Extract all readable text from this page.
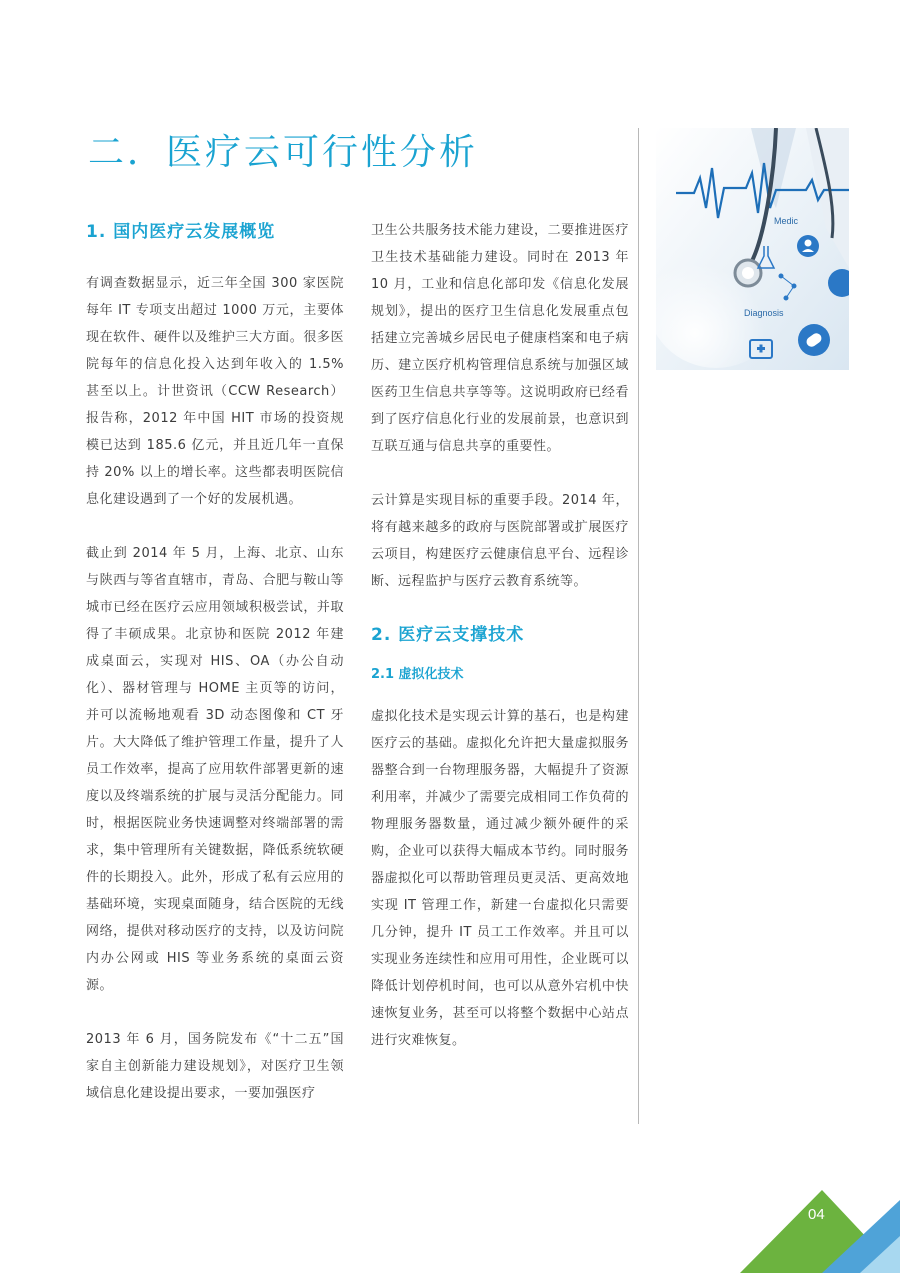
二．医疗云可行性分析
1. 国内医疗云发展概览

有调查数据显示，近三年全国 300 家医院每年 IT 专项支出超过 1000 万元，主要体现在软件、硬件以及维护三大方面。很多医院每年的信息化投入达到年收入的 1.5% 甚至以上。计世资讯（CCW Research）报告称，2012 年中国 HIT 市场的投资规模已达到 185.6 亿元，并且近几年一直保持 20% 以上的增长率。这些都表明医院信息化建设遇到了一个好的发展机遇。

截止到 2014 年 5 月，上海、北京、山东与陕西与等省直辖市，青岛、合肥与鞍山等城市已经在医疗云应用领域积极尝试，并取得了丰硕成果。北京协和医院 2012 年建成桌面云，实现对 HIS、OA（办公自动化）、器材管理与 HOME 主页等的访问，并可以流畅地观看 3D 动态图像和 CT 牙片。大大降低了维护管理工作量，提升了人员工作效率，提高了应用软件部署更新的速度以及终端系统的扩展与灵活分配能力。同时，根据医院业务快速调整对终端部署的需求，集中管理所有关键数据，降低系统软硬件的长期投入。此外，形成了私有云应用的基础环境，实现桌面随身，结合医院的无线网络，提供对移动医疗的支持，以及访问院内办公网或 HIS 等业务系统的桌面云资源。

2013 年 6 月，国务院发布《“十二五”国家自主创新能力建设规划》，对医疗卫生领域信息化建设提出要求，一要加强医疗

卫生公共服务技术能力建设，二要推进医疗卫生技术基础能力建设。同时在 2013 年 10 月，工业和信息化部印发《信息化发展规划》，提出的医疗卫生信息化发展重点包括建立完善城乡居民电子健康档案和电子病历、建立医疗机构管理信息系统与加强区域医药卫生信息共享等等。这说明政府已经看到了医疗信息化行业的发展前景，也意识到互联互通与信息共享的重要性。

云计算是实现目标的重要手段。2014 年，将有越来越多的政府与医院部署或扩展医疗云项目，构建医疗云健康信息平台、远程诊断、远程监护与医疗云教育系统等。

2. 医疗云支撑技术
2.1 虚拟化技术

虚拟化技术是实现云计算的基石，也是构建医疗云的基础。虚拟化允许把大量虚拟服务器整合到一台物理服务器，大幅提升了资源利用率，并减少了需要完成相同工作负荷的物理服务器数量，通过减少额外硬件的采购，企业可以获得大幅成本节约。同时服务器虚拟化可以帮助管理员更灵活、更高效地实现 IT 管理工作，新建一台虚拟化只需要几分钟，提升 IT 员工工作效率。并且可以实现业务连续性和应用可用性，企业既可以降低计划停机时间，也可以从意外宕机中快速恢复业务，甚至可以将整个数据中心站点进行灾难恢复。

Medic
Diagnosis
04
